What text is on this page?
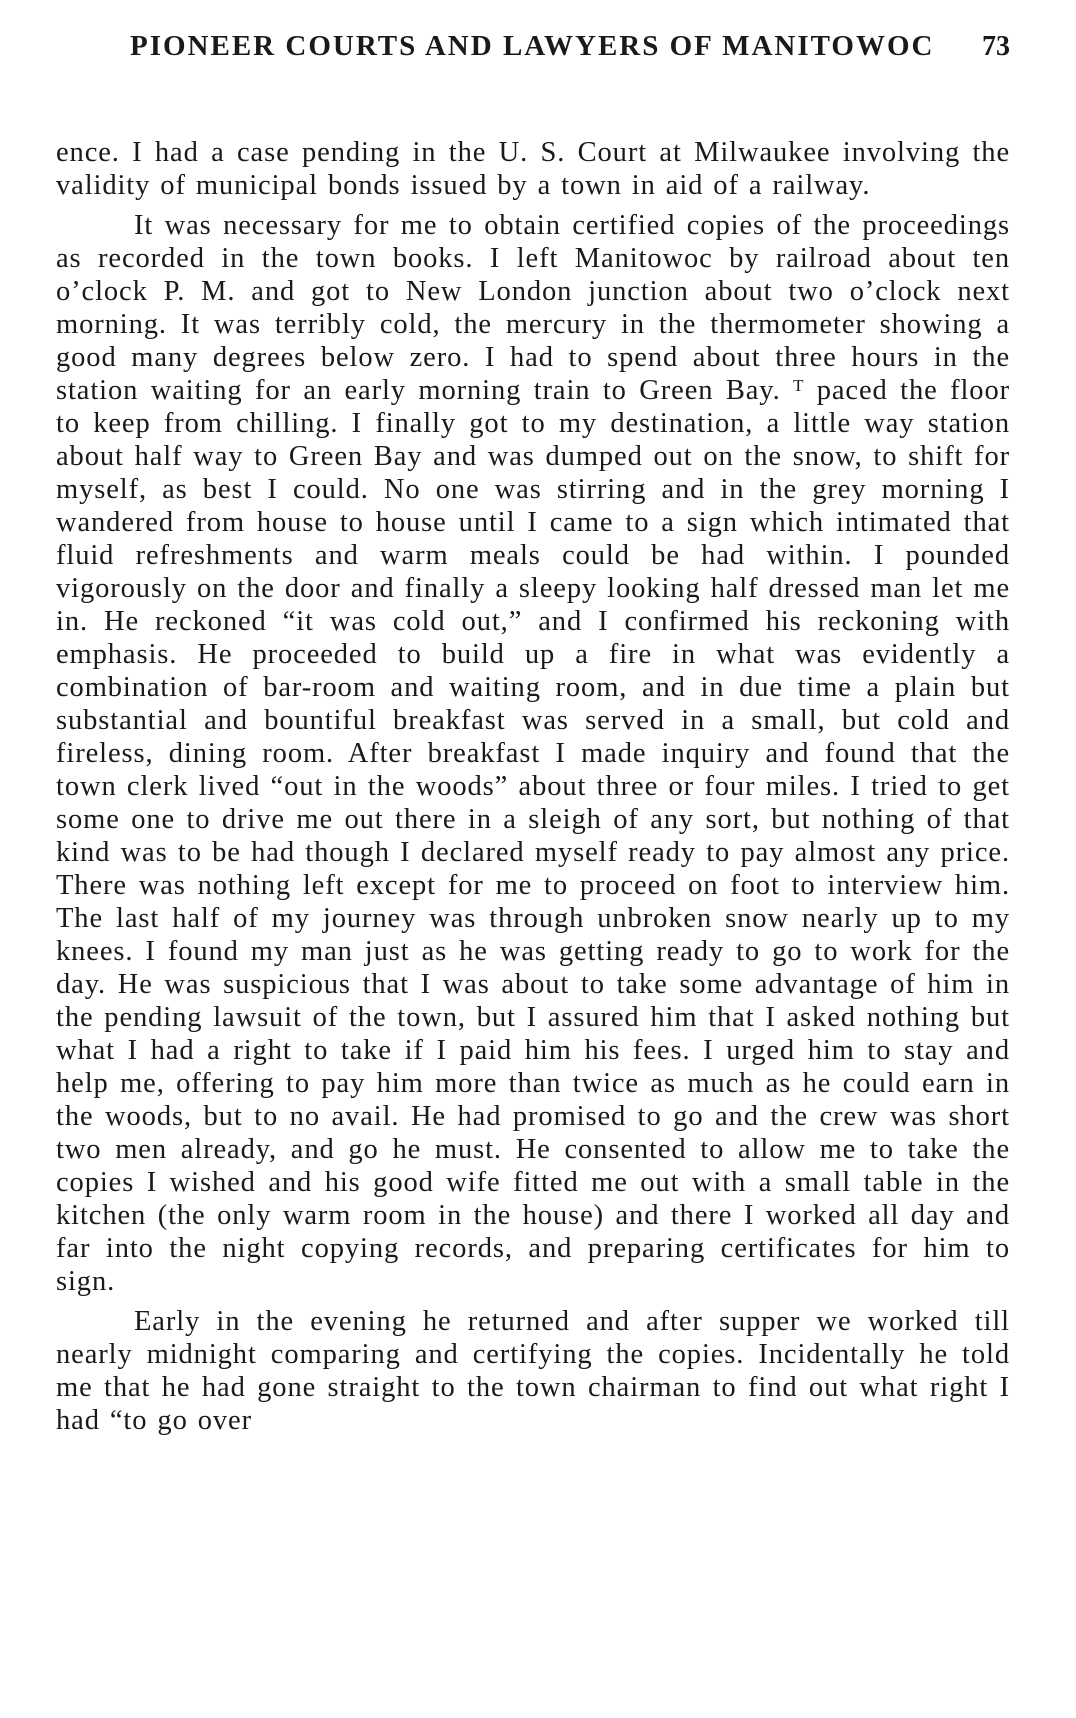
PIONEER COURTS AND LAWYERS OF MANITOWOC 73

ence. I had a case pending in the U. S. Court at Milwaukee involving the validity of municipal bonds issued by a town in aid of a railway.

It was necessary for me to obtain certified copies of the proceedings as recorded in the town books. I left Manitowoc by railroad about ten o’clock P. M. and got to New London junction about two o’clock next morning. It was terribly cold, the mercury in the thermometer showing a good many degrees below zero. I had to spend about three hours in the station waiting for an early morning train to Green Bay. ᵀ paced the floor to keep from chilling. I finally got to my destination, a little way station about half way to Green Bay and was dumped out on the snow, to shift for myself, as best I could. No one was stirring and in the grey morning I wandered from house to house until I came to a sign which intimated that fluid refreshments and warm meals could be had within. I pounded vigorously on the door and finally a sleepy looking half dressed man let me in. He reckoned “it was cold out,” and I confirmed his reckoning with emphasis. He proceeded to build up a fire in what was evidently a combination of bar-room and waiting room, and in due time a plain but substantial and bountiful breakfast was served in a small, but cold and fireless, dining room. After breakfast I made inquiry and found that the town clerk lived “out in the woods” about three or four miles. I tried to get some one to drive me out there in a sleigh of any sort, but nothing of that kind was to be had though I declared myself ready to pay almost any price. There was nothing left except for me to proceed on foot to interview him. The last half of my journey was through unbroken snow nearly up to my knees. I found my man just as he was getting ready to go to work for the day. He was suspicious that I was about to take some advantage of him in the pending lawsuit of the town, but I assured him that I asked nothing but what I had a right to take if I paid him his fees. I urged him to stay and help me, offering to pay him more than twice as much as he could earn in the woods, but to no avail. He had promised to go and the crew was short two men already, and go he must. He consented to allow me to take the copies I wished and his good wife fitted me out with a small table in the kitchen (the only warm room in the house) and there I worked all day and far into the night copying records, and preparing certificates for him to sign.

Early in the evening he returned and after supper we worked till nearly midnight comparing and certifying the copies. Incidentally he told me that he had gone straight to the town chairman to find out what right I had “to go over
